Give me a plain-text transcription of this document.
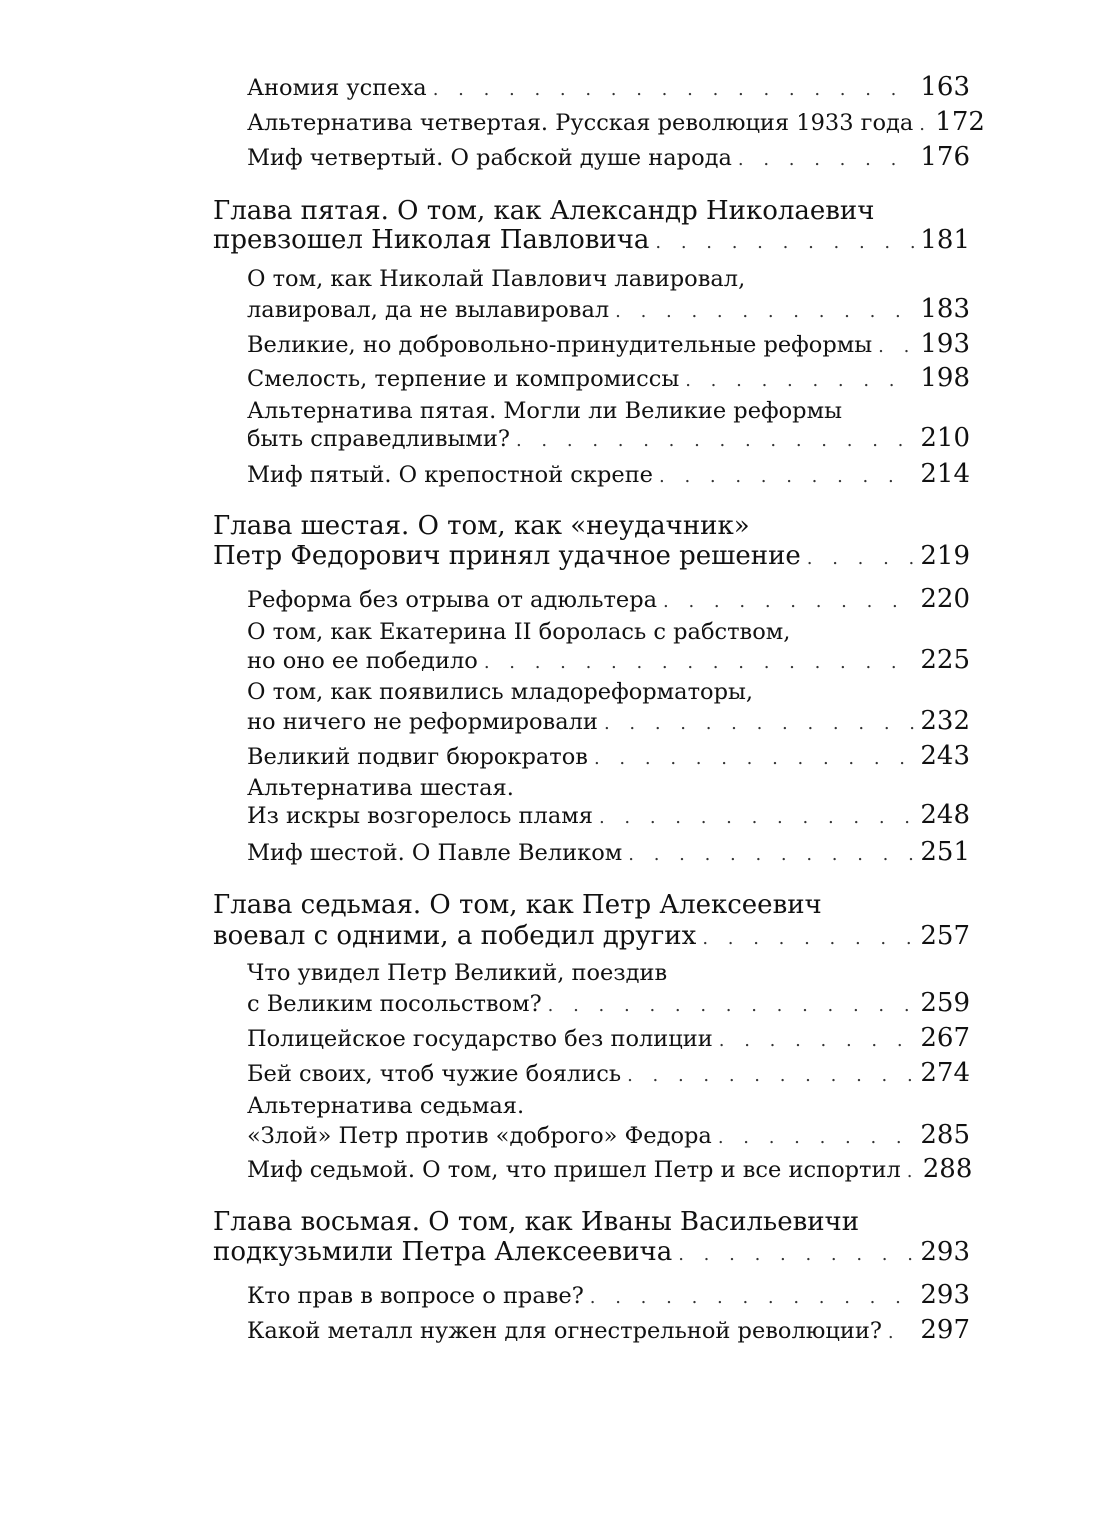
Аномия успеха . . .	163
Альтернатива четвертая. Русская революция 1933 года . . . 172
Миф четвертый. О рабской душе народа . . .	176
Глава пятая. О том, как Александр Николаевич
превзошел Николая Павловича . . .	181
О том, как Николай Павлович лавировал,
лавировал, да не вылавировал . . .	183
Великие, но добровольно-принудительные реформы . . . 193
Смелость, терпение и компромиссы . . .	198
Альтернатива пятая. Могли ли Великие реформы
быть справедливыми? . . .	210
Миф пятый. О крепостной скрепе . . .	214
Глава шестая. О том, как «неудачник»
Петр Федорович принял удачное решение . . .	219
Реформа без отрыва от адюльтера . . .	220
О том, как Екатерина II боролась с рабством,
но оно ее победило . . .	225
О том, как появились младореформаторы,
но ничего не реформировали . . .	232
Великий подвиг бюрократов . . .	243
Альтернатива шестая.
Из искры возгорелось пламя . . .	248
Миф шестой. О Павле Великом . . .	251
Глава седьмая. О том, как Петр Алексеевич
воевал с одними, а победил других . . .	257
Что увидел Петр Великий, поездив
с Великим посольством? . . .	259
Полицейское государство без полиции . . .	267
Бей своих, чтоб чужие боялись . . .	274
Альтернатива седьмая.
«Злой» Петр против «доброго» Федора . . .	285
Миф седьмой. О том, что пришел Петр и все испортил . . . 288
Глава восьмая. О том, как Иваны Васильевичи
подкузьмили Петра Алексеевича . . .	293
Кто прав в вопросе о праве? . . .	293
Какой металл нужен для огнестрельной революции? . . . 297
